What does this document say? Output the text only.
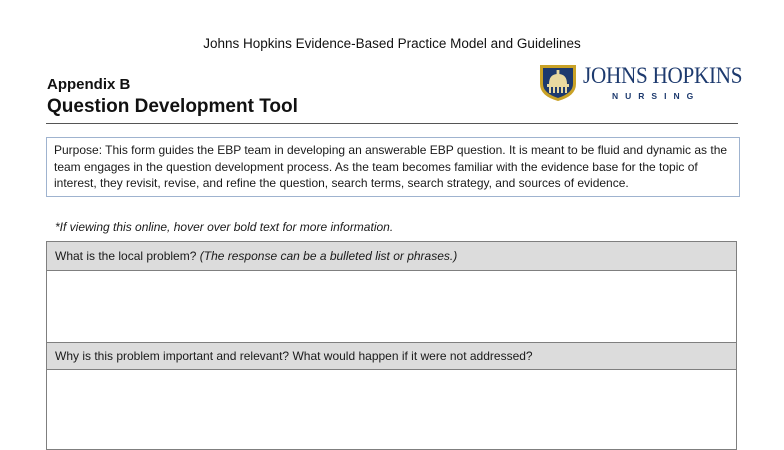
Johns Hopkins Evidence-Based Practice Model and Guidelines
Appendix B
Question Development Tool
JOHNS HOPKINS
NURSING
Purpose: This form guides the EBP team in developing an answerable EBP question. It is meant to be fluid and dynamic as the team engages in the question development process. As the team becomes familiar with the evidence base for the topic of interest, they revisit, revise, and refine the question, search terms, search strategy, and sources of evidence.
*If viewing this online, hover over bold text for more information.
What is the local problem?
(The response can be a bulleted list or phrases.)
Why is this problem important and relevant? What would happen if it were not addressed?
